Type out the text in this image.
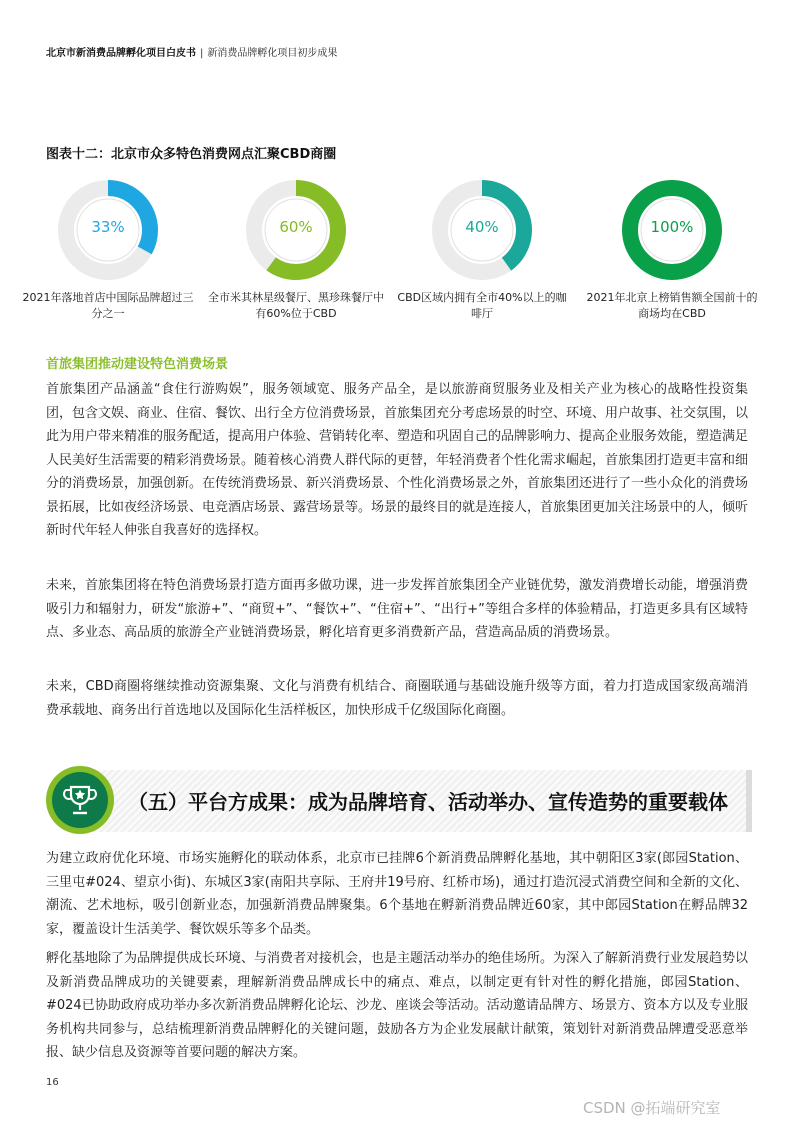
北京市新消费品牌孵化项目白皮书 | 新消费品牌孵化项目初步成果
图表十二：北京市众多特色消费网点汇聚CBD商圈
33%
2021年落地首店中国际品牌超过三分之一
60%
全市米其林星级餐厅、黑珍珠餐厅中有60%位于CBD
40%
CBD区域内拥有全市40%以上的咖啡厅
100%
2021年北京上榜销售额全国前十的商场均在CBD
首旅集团推动建设特色消费场景

首旅集团产品涵盖“食住行游购娱”，服务领域宽、服务产品全，是以旅游商贸服务业及相关产业为核心的战略性投资集团，包含文娱、商业、住宿、餐饮、出行全方位消费场景，首旅集团充分考虑场景的时空、环境、用户故事、社交氛围，以此为用户带来精准的服务配适，提高用户体验、营销转化率、塑造和巩固自己的品牌影响力、提高企业服务效能，塑造满足人民美好生活需要的精彩消费场景。随着核心消费人群代际的更替，年轻消费者个性化需求崛起，首旅集团打造更丰富和细分的消费场景，加强创新。在传统消费场景、新兴消费场景、个性化消费场景之外，首旅集团还进行了一些小众化的消费场景拓展，比如夜经济场景、电竞酒店场景、露营场景等。场景的最终目的就是连接人，首旅集团更加关注场景中的人，倾听新时代年轻人伸张自我喜好的选择权。

未来，首旅集团将在特色消费场景打造方面再多做功课，进一步发挥首旅集团全产业链优势，激发消费增长动能，增强消费吸引力和辐射力，研发“旅游+”、“商贸+”、“餐饮+”、“住宿+”、“出行+”等组合多样的体验精品，打造更多具有区域特点、多业态、高品质的旅游全产业链消费场景，孵化培育更多消费新产品，营造高品质的消费场景。

未来，CBD商圈将继续推动资源集聚、文化与消费有机结合、商圈联通与基础设施升级等方面，着力打造成国家级高端消费承载地、商务出行首选地以及国际化生活样板区，加快形成千亿级国际化商圈。

（五）平台方成果：成为品牌培育、活动举办、宣传造势的重要载体

为建立政府优化环境、市场实施孵化的联动体系，北京市已挂牌6个新消费品牌孵化基地，其中朝阳区3家(郎园Station、三里屯#024、望京小街)、东城区3家(南阳共享际、王府井19号府、红桥市场)，通过打造沉浸式消费空间和全新的文化、潮流、艺术地标，吸引创新业态，加强新消费品牌聚集。6个基地在孵新消费品牌近60家，其中郎园Station在孵品牌32家，覆盖设计生活美学、餐饮娱乐等多个品类。

孵化基地除了为品牌提供成长环境、与消费者对接机会，也是主题活动举办的绝佳场所。为深入了解新消费行业发展趋势以及新消费品牌成功的关键要素，理解新消费品牌成长中的痛点、难点，以制定更有针对性的孵化措施，郎园Station、#024已协助政府成功举办多次新消费品牌孵化论坛、沙龙、座谈会等活动。活动邀请品牌方、场景方、资本方以及专业服务机构共同参与，总结梳理新消费品牌孵化的关键问题，鼓励各方为企业发展献计献策，策划针对新消费品牌遭受恶意举报、缺少信息及资源等首要问题的解决方案。

16
CSDN @拓端研究室
